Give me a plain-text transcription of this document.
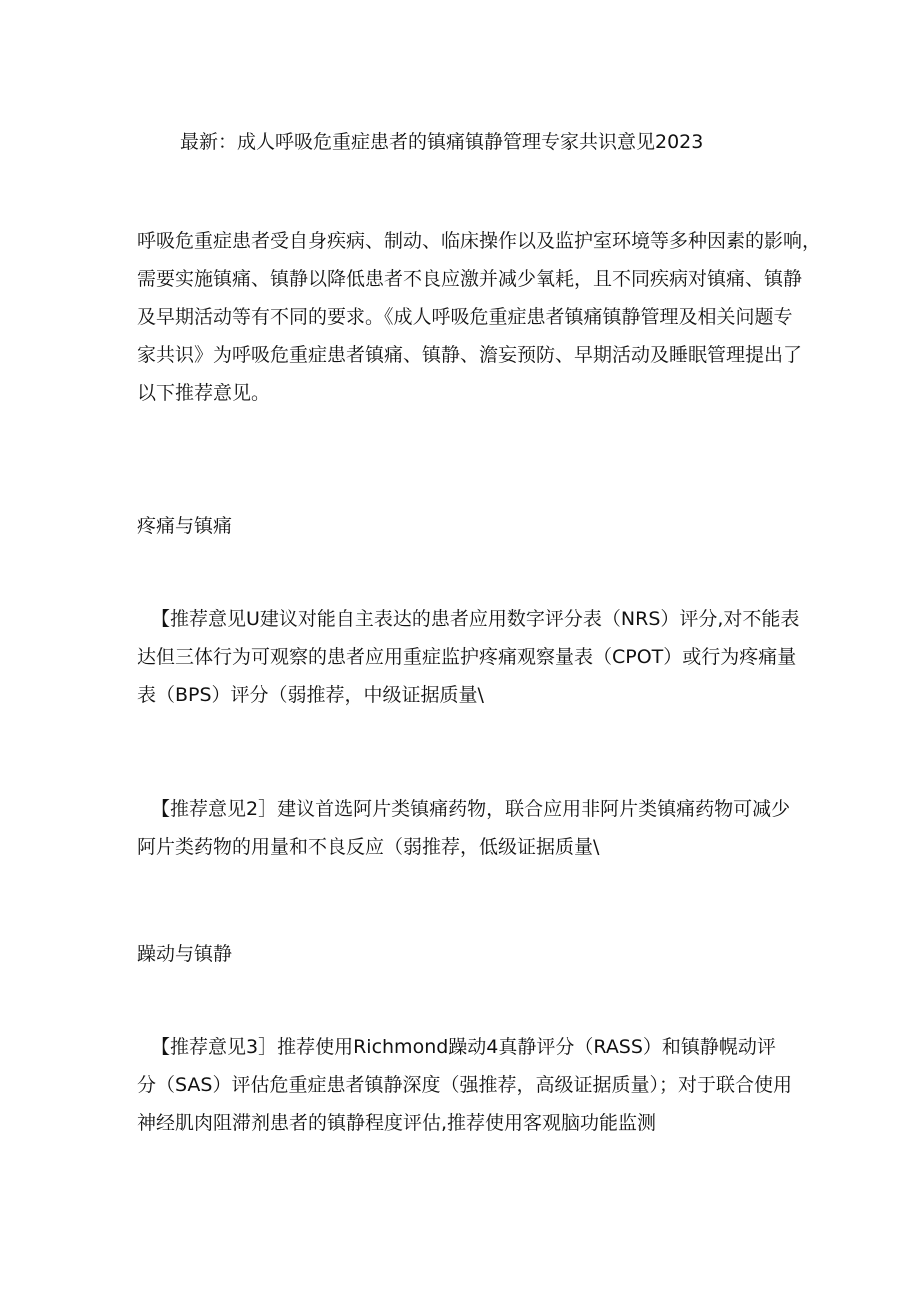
最新：成人呼吸危重症患者的镇痛镇静管理专家共识意见2023

呼吸危重症患者受自身疾病、制动、临床操作以及监护室环境等多种因素的影响，
需要实施镇痛、镇静以降低患者不良应激并减少氧耗，且不同疾病对镇痛、镇静
及早期活动等有不同的要求。《成人呼吸危重症患者镇痛镇静管理及相关问题专
家共识》为呼吸危重症患者镇痛、镇静、澹妄预防、早期活动及睡眠管理提出了
以下推荐意见。

疼痛与镇痛

【推荐意见U建议对能自主表达的患者应用数字评分表（NRS）评分,对不能表
达但三体行为可观察的患者应用重症监护疼痛观察量表（CPOT）或行为疼痛量
表（BPS）评分（弱推荐，中级证据质量\

【推荐意见2］建议首选阿片类镇痛药物，联合应用非阿片类镇痛药物可减少
阿片类药物的用量和不良反应（弱推荐，低级证据质量\

躁动与镇静

【推荐意见3］推荐使用Richmond躁动4真静评分（RASS）和镇静幌动评
分（SAS）评估危重症患者镇静深度（强推荐，高级证据质量）；对于联合使用
神经肌肉阻滞剂患者的镇静程度评估,推荐使用客观脑功能监测
